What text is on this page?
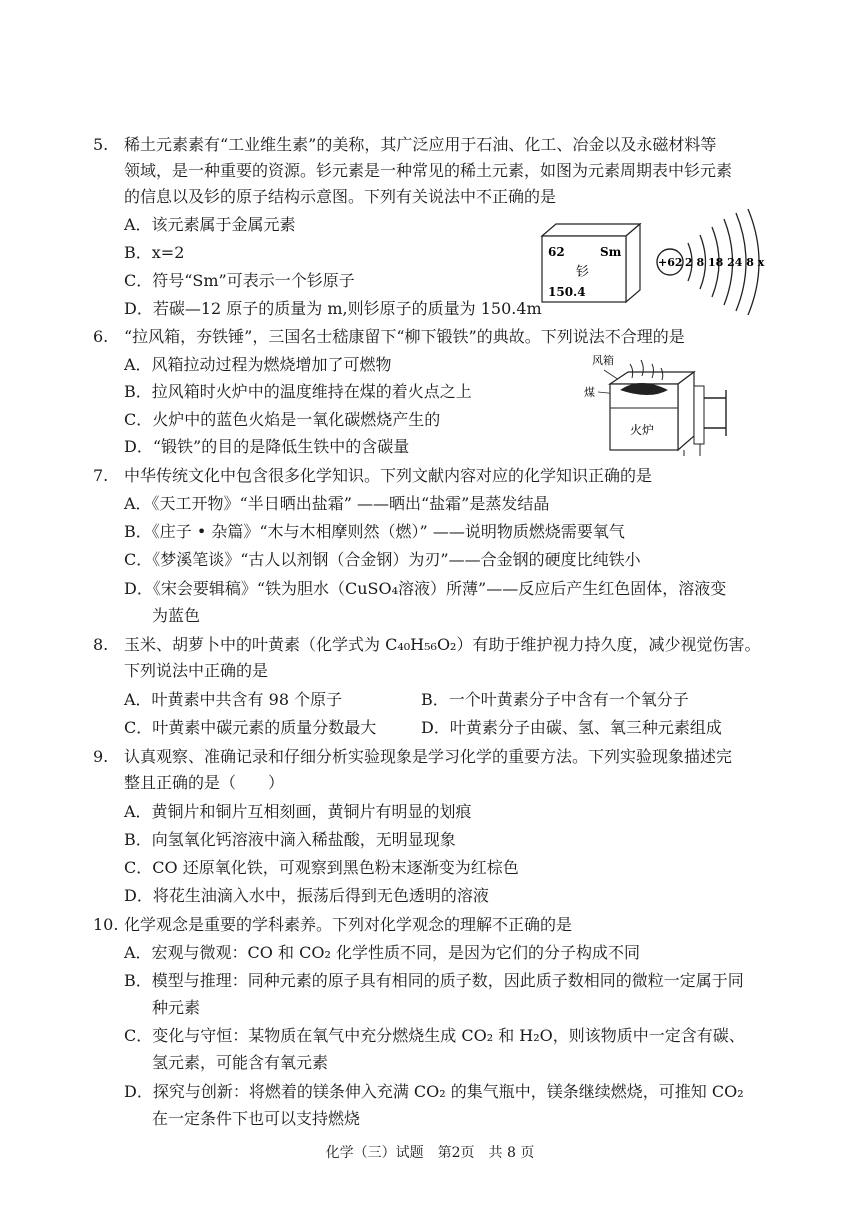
5. 稀土元素素有“工业维生素”的美称，其广泛应用于石油、化工、冶金以及永磁材料等
领域，是一种重要的资源。钐元素是一种常见的稀土元素，如图为元素周期表中钐元素
的信息以及钐的原子结构示意图。下列有关说法中不正确的是
A．该元素属于金属元素
B．x=2
C．符号“Sm”可表示一个钐原子
D．若碳—12 原子的质量为 m,则钐原子的质量为 150.4m
62	Sm
钐
150.4
+62 2 8 18 24 8 x
6. “拉风箱，夯铁锤”，三国名士嵇康留下“柳下锻铁”的典故。下列说法不合理的是
A．风箱拉动过程为燃烧增加了可燃物
B．拉风箱时火炉中的温度维持在煤的着火点之上
C．火炉中的蓝色火焰是一氧化碳燃烧产生的
D．“锻铁”的目的是降低生铁中的含碳量
风箱
煤
火炉
7. 中华传统文化中包含很多化学知识。下列文献内容对应的化学知识正确的是
A．《天工开物》“半日晒出盐霜” ——晒出“盐霜”是蒸发结晶
B．《庄子 • 杂篇》“木与木相摩则然（燃）” ——说明物质燃烧需要氧气
C．《梦溪笔谈》“古人以剂钢（合金钢）为刃”——合金钢的硬度比纯铁小
D．《宋会要辑稿》“铁为胆水（CuSO₄溶液）所薄”——反应后产生红色固体，溶液变
为蓝色
8. 玉米、胡萝卜中的叶黄素（化学式为 C₄₀H₅₆O₂）有助于维护视力持久度，减少视觉伤害。
下列说法中正确的是
A．叶黄素中共含有 98 个原子	B．一个叶黄素分子中含有一个氧分子
C．叶黄素中碳元素的质量分数最大	D．叶黄素分子由碳、氢、氧三种元素组成
9. 认真观察、准确记录和仔细分析实验现象是学习化学的重要方法。下列实验现象描述完
整且正确的是（　　）
A．黄铜片和铜片互相刻画，黄铜片有明显的划痕
B．向氢氧化钙溶液中滴入稀盐酸，无明显现象
C．CO 还原氧化铁，可观察到黑色粉末逐渐变为红棕色
D．将花生油滴入水中，振荡后得到无色透明的溶液
10. 化学观念是重要的学科素养。下列对化学观念的理解不正确的是
A．宏观与微观：CO 和 CO₂ 化学性质不同，是因为它们的分子构成不同
B．模型与推理：同种元素的原子具有相同的质子数，因此质子数相同的微粒一定属于同
种元素
C．变化与守恒：某物质在氧气中充分燃烧生成 CO₂ 和 H₂O，则该物质中一定含有碳、
氢元素，可能含有氧元素
D．探究与创新：将燃着的镁条伸入充满 CO₂ 的集气瓶中，镁条继续燃烧，可推知 CO₂
在一定条件下也可以支持燃烧
化学（三）试题　第2页　共 8 页
